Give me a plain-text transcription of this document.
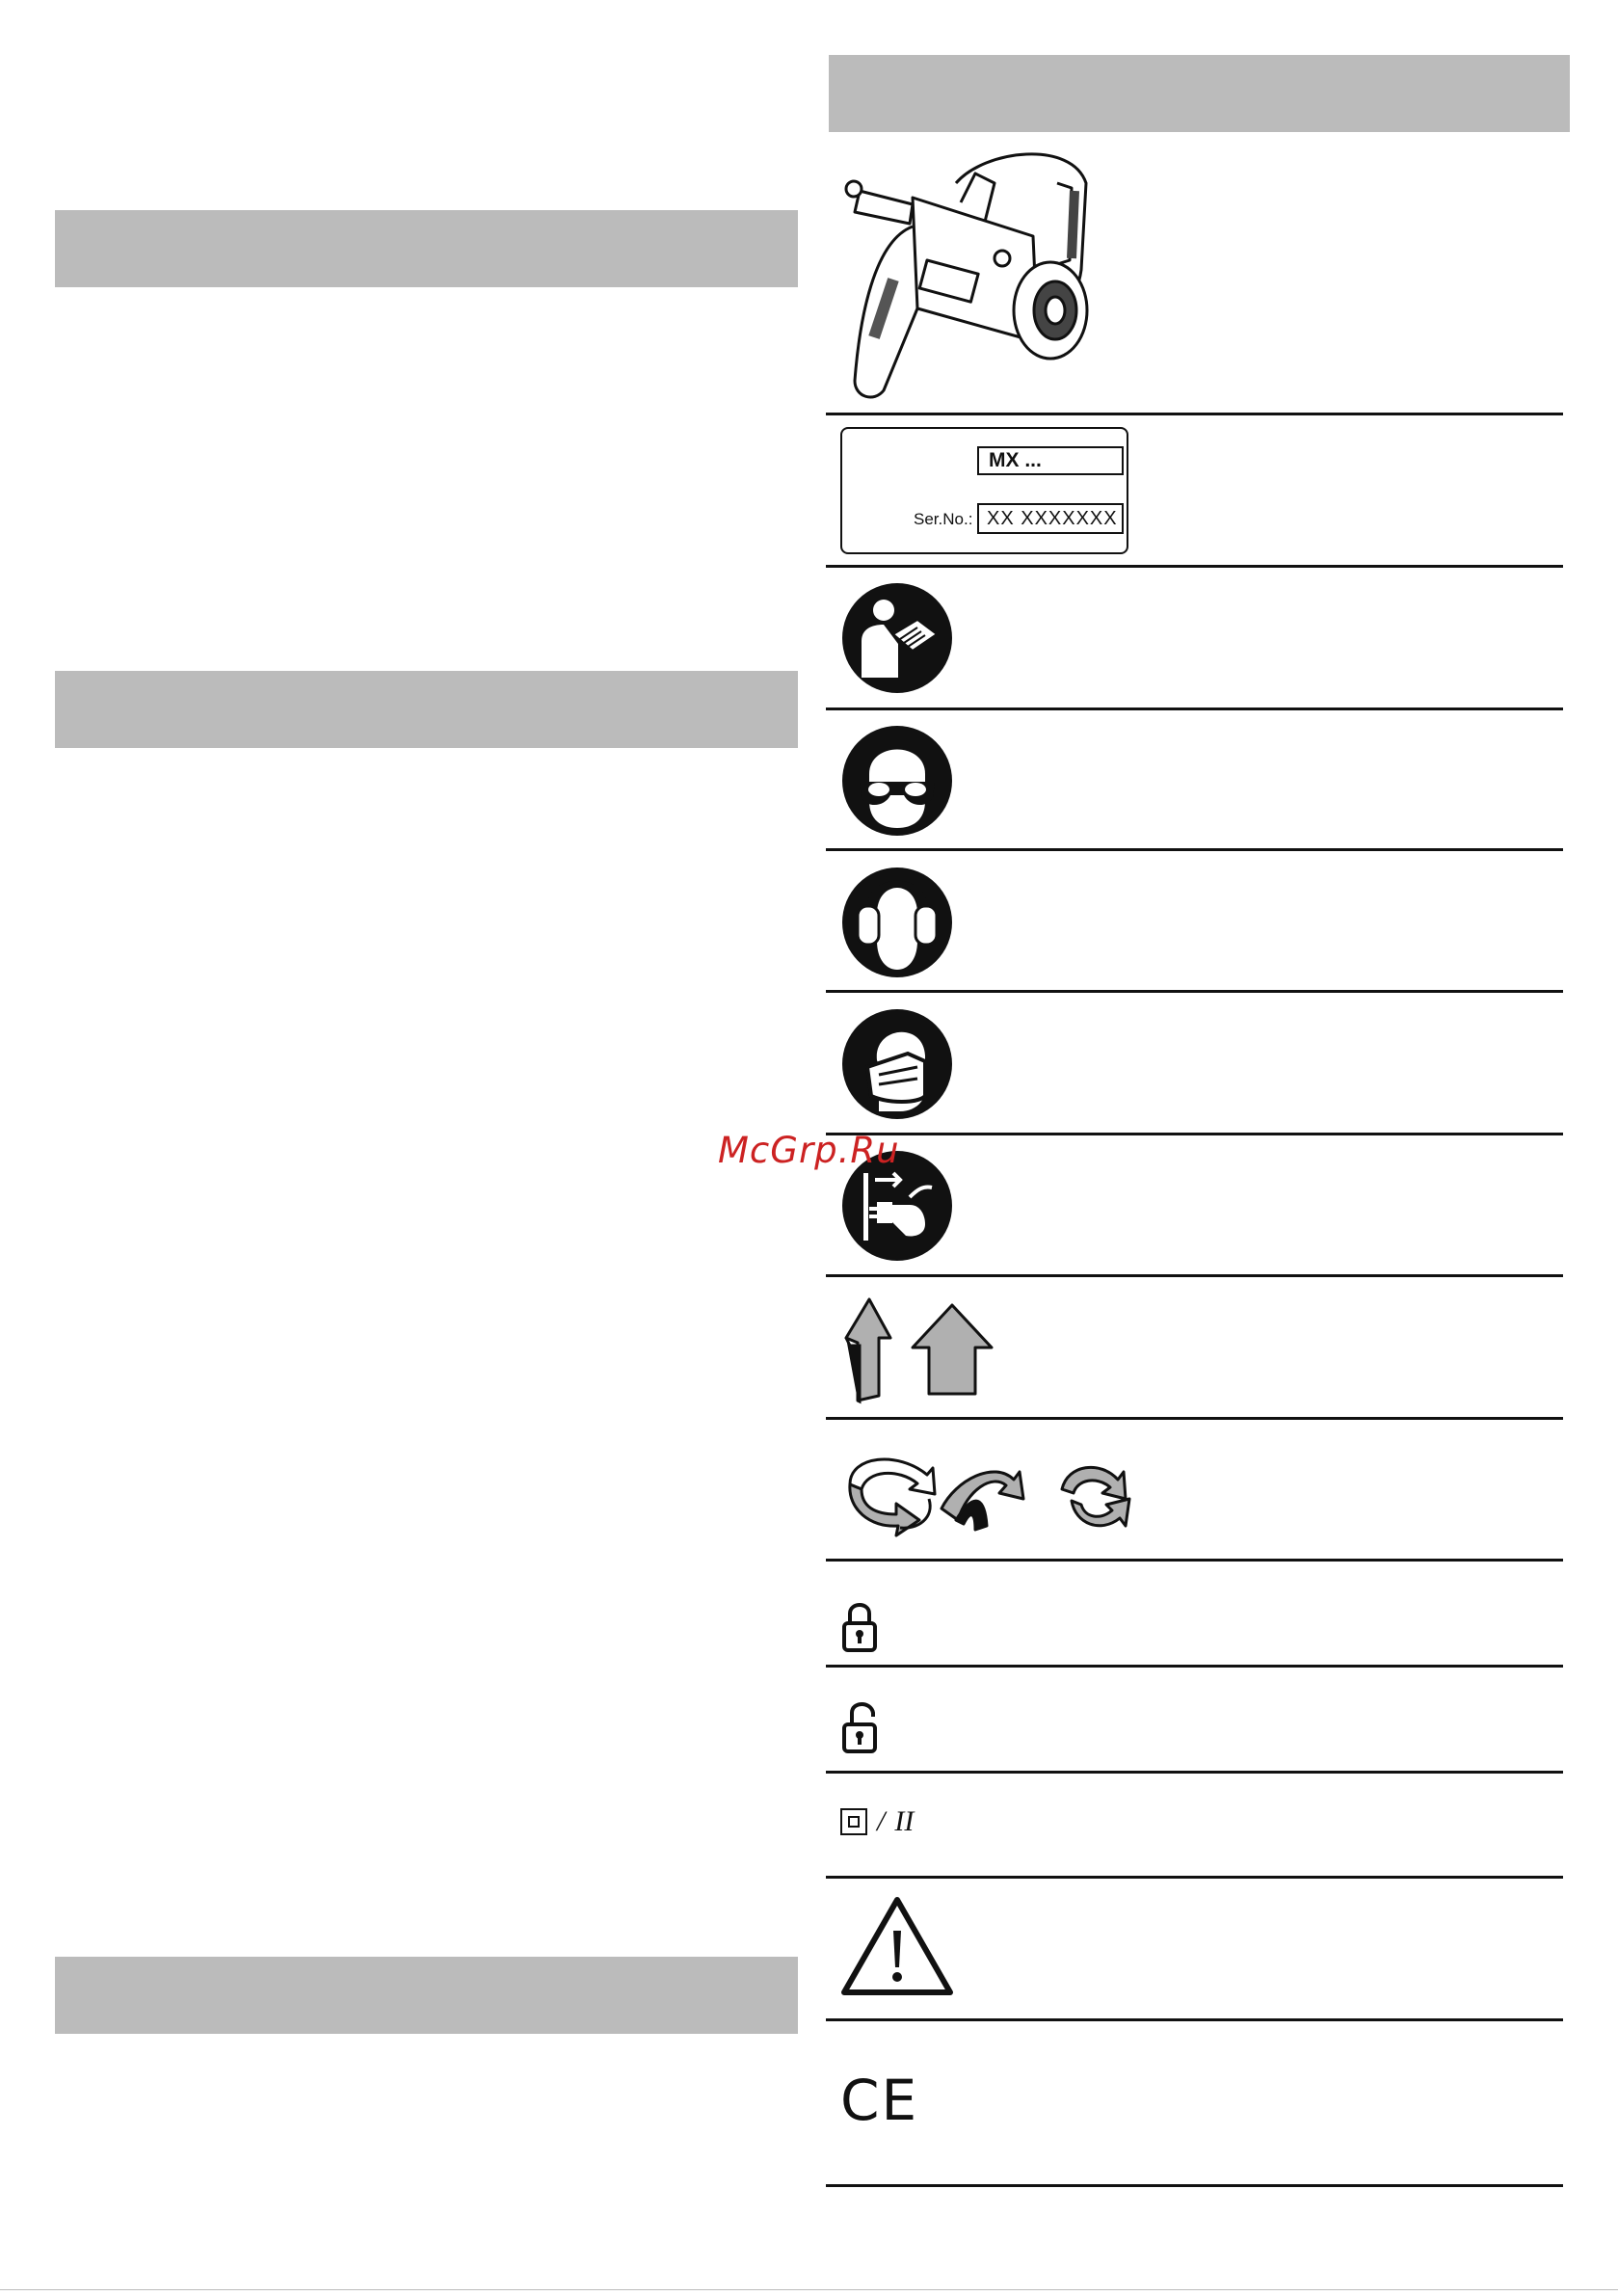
MX ...
Ser.No.: XX XXXXXXX
/ II
CE
McGrp.Ru
